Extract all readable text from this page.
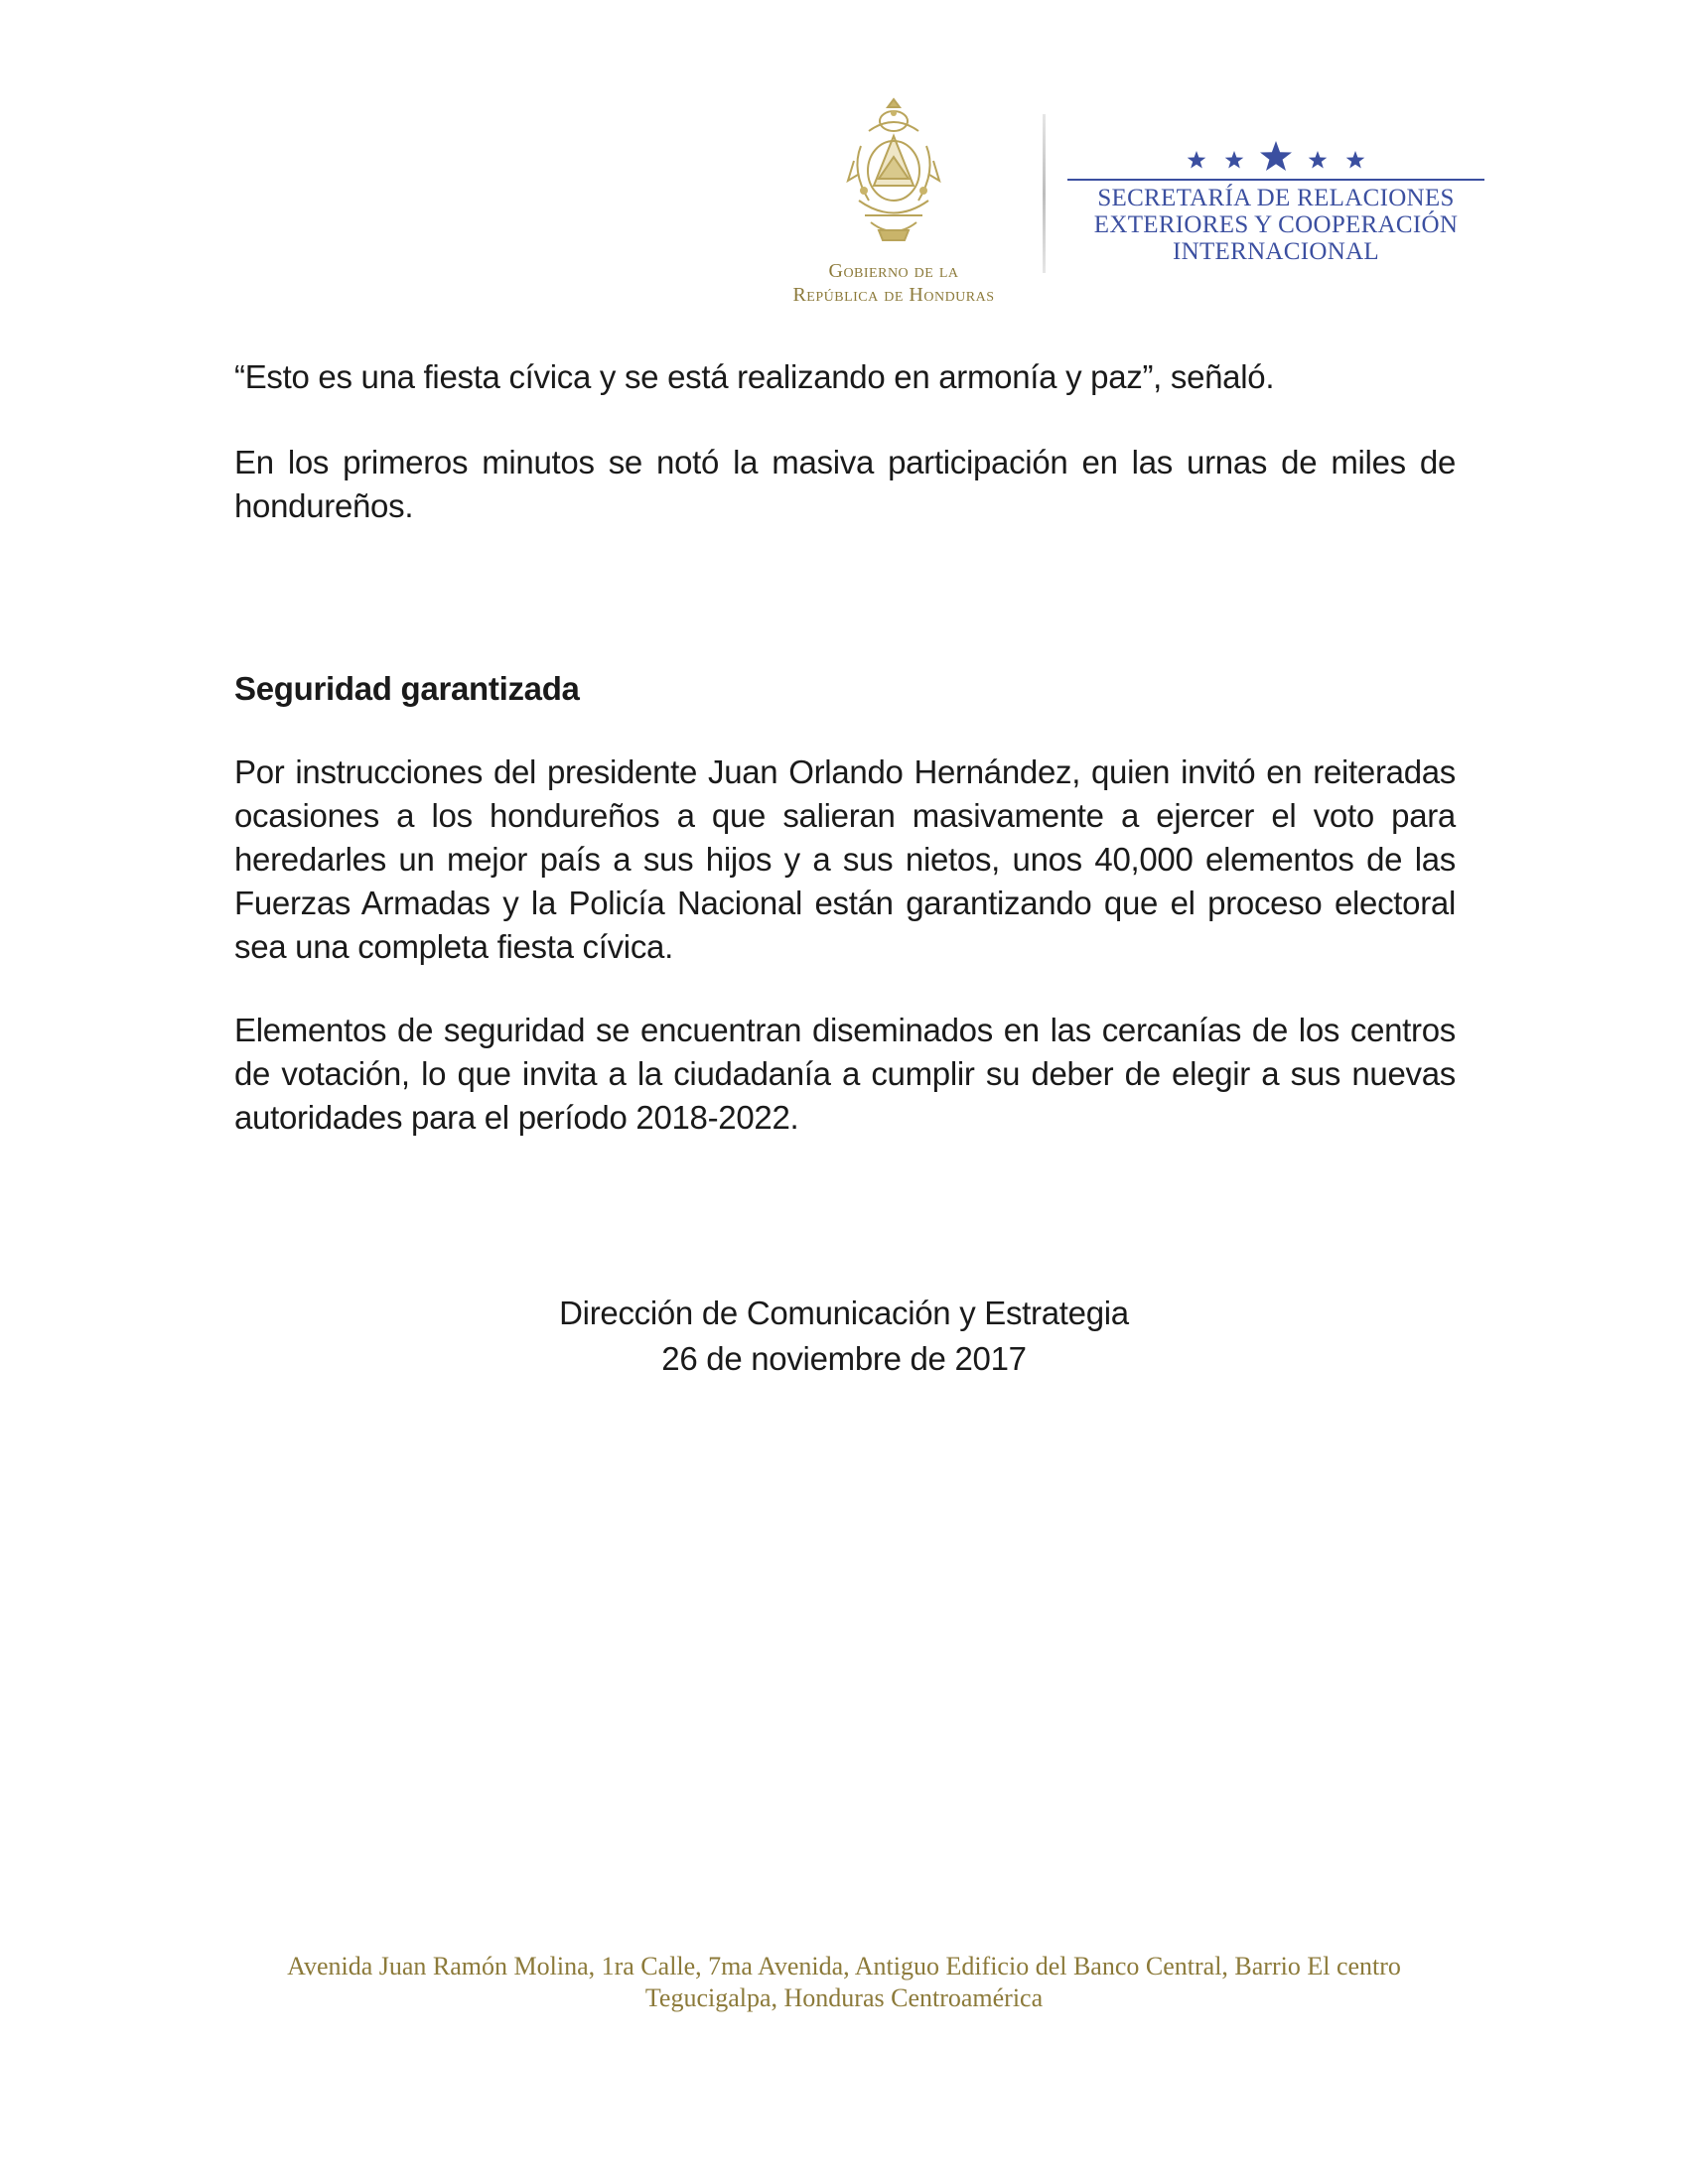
Gobierno de la
República de Honduras
SECRETARÍA DE RELACIONES
EXTERIORES Y COOPERACIÓN
INTERNACIONAL

“Esto es una fiesta cívica y se está realizando en armonía y paz”, señaló.

En los primeros minutos se notó la masiva participación en las urnas de miles de hondureños.

Seguridad garantizada

Por instrucciones del presidente Juan Orlando Hernández, quien invitó en reiteradas ocasiones a los hondureños a que salieran masivamente a ejercer el voto para heredarles un mejor país a sus hijos y a sus nietos, unos 40,000 elementos de las Fuerzas Armadas y la Policía Nacional están garantizando que el proceso electoral sea una completa fiesta cívica.

Elementos de seguridad se encuentran diseminados en las cercanías de los centros de votación, lo que invita a la ciudadanía a cumplir su deber de elegir a sus nuevas autoridades para el período 2018-2022.

Dirección de Comunicación y Estrategia
26 de noviembre de 2017
Avenida Juan Ramón Molina, 1ra Calle, 7ma Avenida, Antiguo Edificio del Banco Central, Barrio El centro
Tegucigalpa, Honduras Centroamérica
